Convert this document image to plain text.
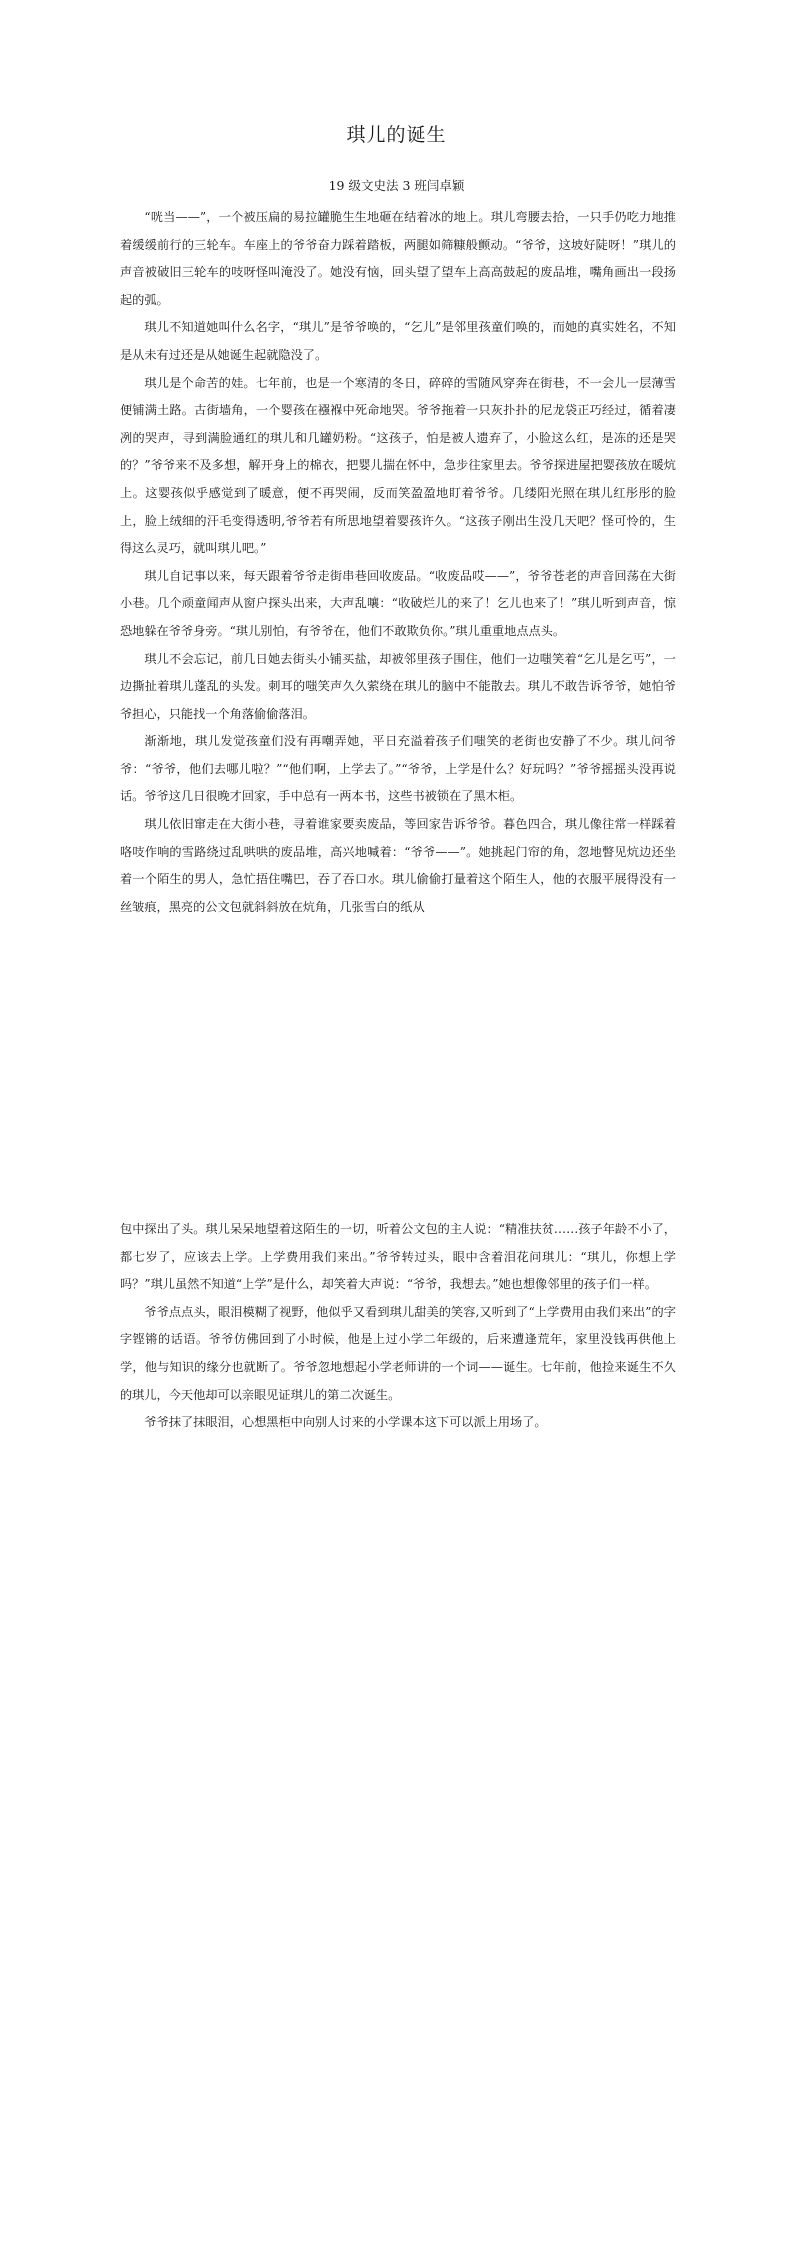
琪儿的诞生
19 级文史法 3 班闫卓颖

“咣当——”，一个被压扁的易拉罐脆生生地砸在结着冰的地上。琪儿弯腰去拾，一只手仍吃力地推着缓缓前行的三轮车。车座上的爷爷奋力踩着踏板，两腿如筛糠般颤动。“爷爷，这坡好陡呀！”琪儿的声音被破旧三轮车的吱呀怪叫淹没了。她没有恼，回头望了望车上高高鼓起的废品堆，嘴角画出一段扬起的弧。

琪儿不知道她叫什么名字，“琪儿”是爷爷唤的，“乞儿”是邻里孩童们唤的，而她的真实姓名，不知是从未有过还是从她诞生起就隐没了。

琪儿是个命苦的娃。七年前，也是一个寒清的冬日，碎碎的雪随风穿奔在街巷，不一会儿一层薄雪便铺满土路。古街墙角，一个婴孩在襁褓中死命地哭。爷爷拖着一只灰扑扑的尼龙袋正巧经过，循着凄冽的哭声，寻到满脸通红的琪儿和几罐奶粉。“这孩子，怕是被人遗弃了，小脸这么红，是冻的还是哭的？”爷爷来不及多想，解开身上的棉衣，把婴儿揣在怀中，急步往家里去。爷爷探进屋把婴孩放在暖炕上。这婴孩似乎感觉到了暖意，便不再哭闹，反而笑盈盈地盯着爷爷。几缕阳光照在琪儿红彤彤的脸上，脸上绒细的汗毛变得透明,爷爷若有所思地望着婴孩许久。“这孩子刚出生没几天吧？怪可怜的，生得这么灵巧，就叫琪儿吧。”

琪儿自记事以来，每天跟着爷爷走街串巷回收废品。“收废品哎——”，爷爷苍老的声音回荡在大街小巷。几个顽童闻声从窗户探头出来，大声乱嚷：“收破烂儿的来了！乞儿也来了！”琪儿听到声音，惊恐地躲在爷爷身旁。“琪儿别怕，有爷爷在，他们不敢欺负你。”琪儿重重地点点头。

琪儿不会忘记，前几日她去街头小铺买盐，却被邻里孩子围住，他们一边嗤笑着“乞儿是乞丐”，一边撕扯着琪儿蓬乱的头发。刺耳的嗤笑声久久萦绕在琪儿的脑中不能散去。琪儿不敢告诉爷爷，她怕爷爷担心，只能找一个角落偷偷落泪。

渐渐地，琪儿发觉孩童们没有再嘲弄她，平日充溢着孩子们嗤笑的老街也安静了不少。琪儿问爷爷：“爷爷，他们去哪儿啦？”“他们啊，上学去了。”“爷爷，上学是什么？好玩吗？”爷爷摇摇头没再说话。爷爷这几日很晚才回家，手中总有一两本书，这些书被锁在了黑木柜。

琪儿依旧窜走在大街小巷，寻着谁家要卖废品，等回家告诉爷爷。暮色四合，琪儿像往常一样踩着咯吱作响的雪路绕过乱哄哄的废品堆，高兴地喊着：“爷爷——”。她挑起门帘的角，忽地瞥见炕边还坐着一个陌生的男人，急忙捂住嘴巴，吞了吞口水。琪儿偷偷打量着这个陌生人，他的衣服平展得没有一丝皱痕，黑亮的公文包就斜斜放在炕角，几张雪白的纸从

包中探出了头。琪儿呆呆地望着这陌生的一切，听着公文包的主人说：“精准扶贫……孩子年龄不小了，都七岁了，应该去上学。上学费用我们来出。”爷爷转过头，眼中含着泪花问琪儿：“琪儿，你想上学吗？”琪儿虽然不知道“上学”是什么，却笑着大声说：“爷爷，我想去。”她也想像邻里的孩子们一样。

爷爷点点头，眼泪模糊了视野，他似乎又看到琪儿甜美的笑容,又听到了“上学费用由我们来出”的字字铿锵的话语。爷爷仿佛回到了小时候，他是上过小学二年级的，后来遭逢荒年，家里没钱再供他上学，他与知识的缘分也就断了。爷爷忽地想起小学老师讲的一个词——诞生。七年前，他捡来诞生不久的琪儿，今天他却可以亲眼见证琪儿的第二次诞生。

爷爷抹了抹眼泪，心想黑柜中向别人讨来的小学课本这下可以派上用场了。
